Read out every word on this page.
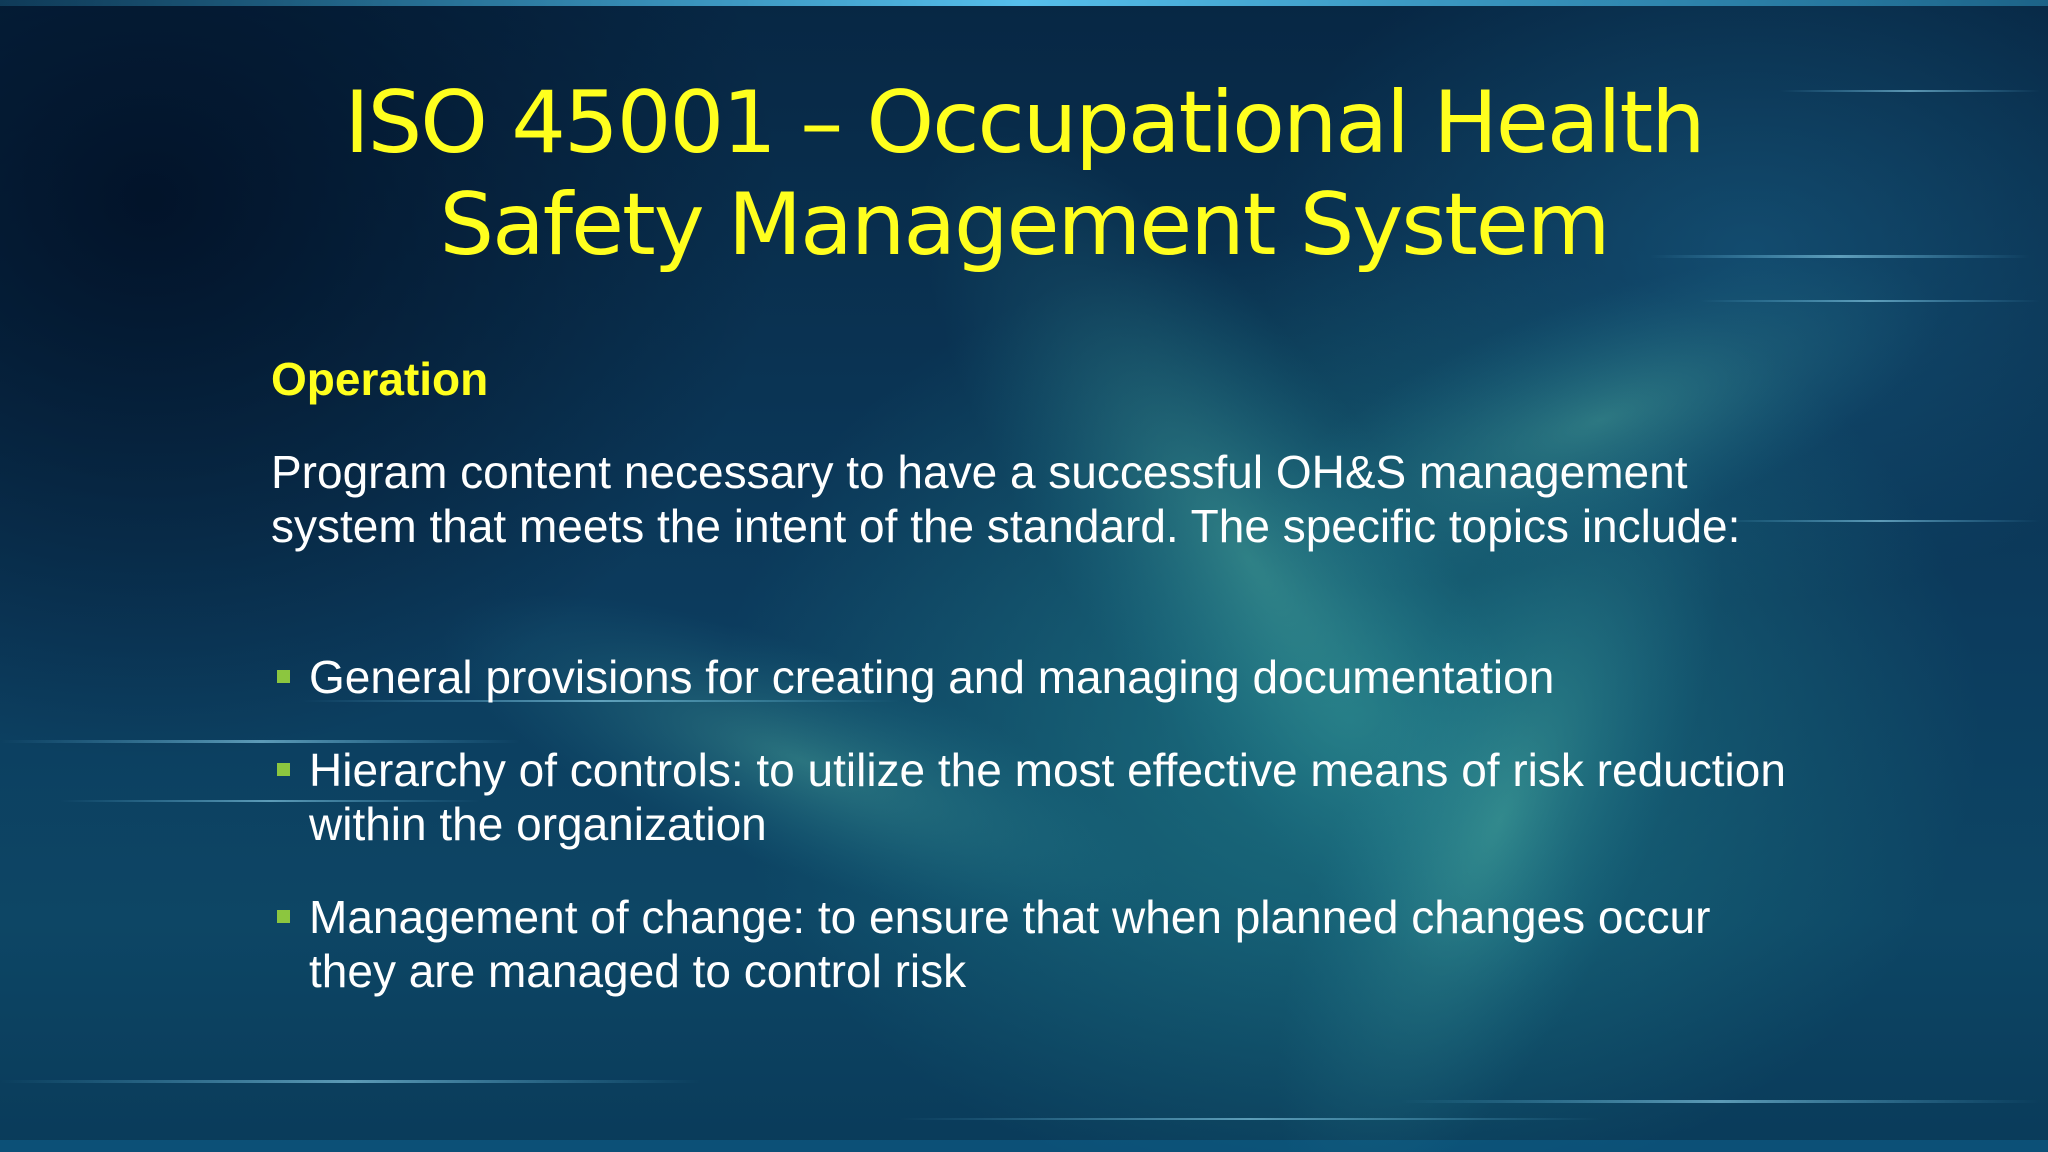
ISO 45001 – Occupational Health
Safety Management System
Operation

Program content necessary to have a successful OH&S management system that meets the intent of the standard. The specific topics include:

General provisions for creating and managing documentation
Hierarchy of controls: to utilize the most effective means of risk reduction within the organization
Management of change: to ensure that when planned changes occur they are managed to control risk
